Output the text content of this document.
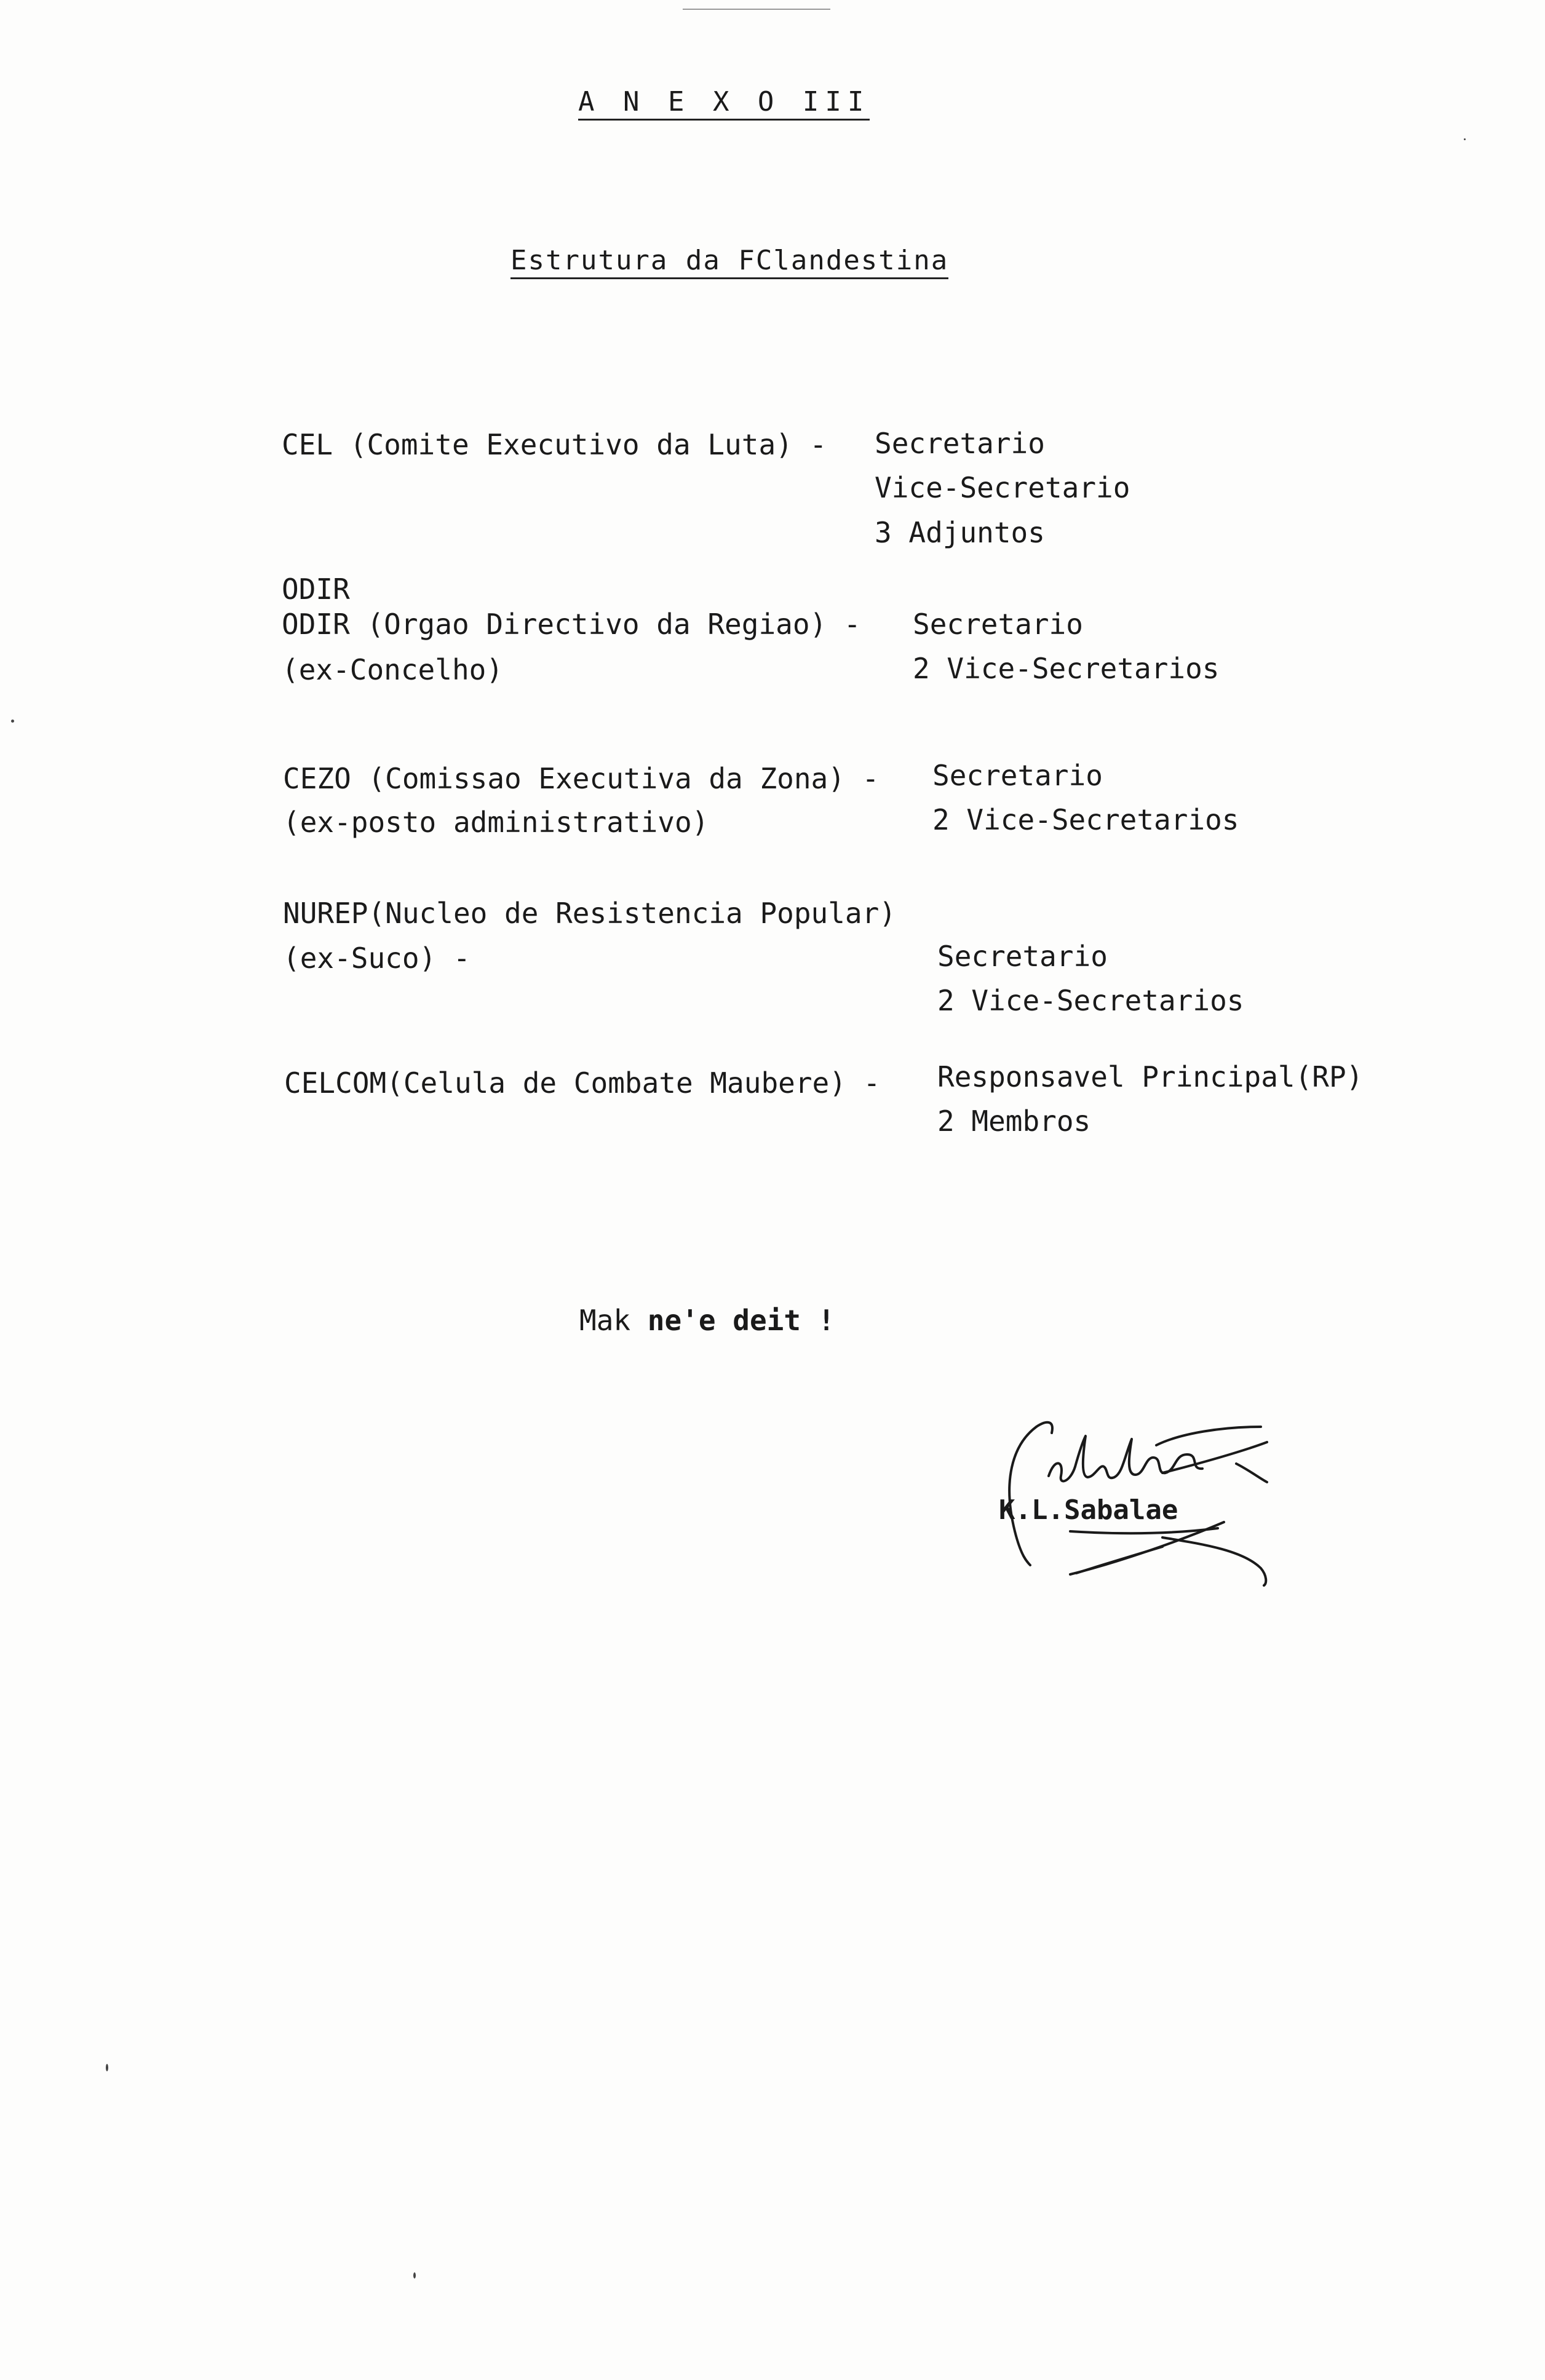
A N E X O III
Estrutura da FClandestina
CEL (Comite Executivo da Luta) - Secretario
Vice-Secretario
3 Adjuntos
ODIR
ODIR (Orgao Directivo da Regiao) - Secretario
(ex-Concelho)	2 Vice-Secretarios
CEZO (Comissao Executiva da Zona) - Secretario
(ex-posto administrativo)	2 Vice-Secretarios
NUREP(Nucleo de Resistencia Popular)
(ex-Suco) -	Secretario
2 Vice-Secretarios
CELCOM(Celula de Combate Maubere) - Responsavel Principal(RP)
2 Membros
Mak ne'e deit !
K.L.Sabalae
